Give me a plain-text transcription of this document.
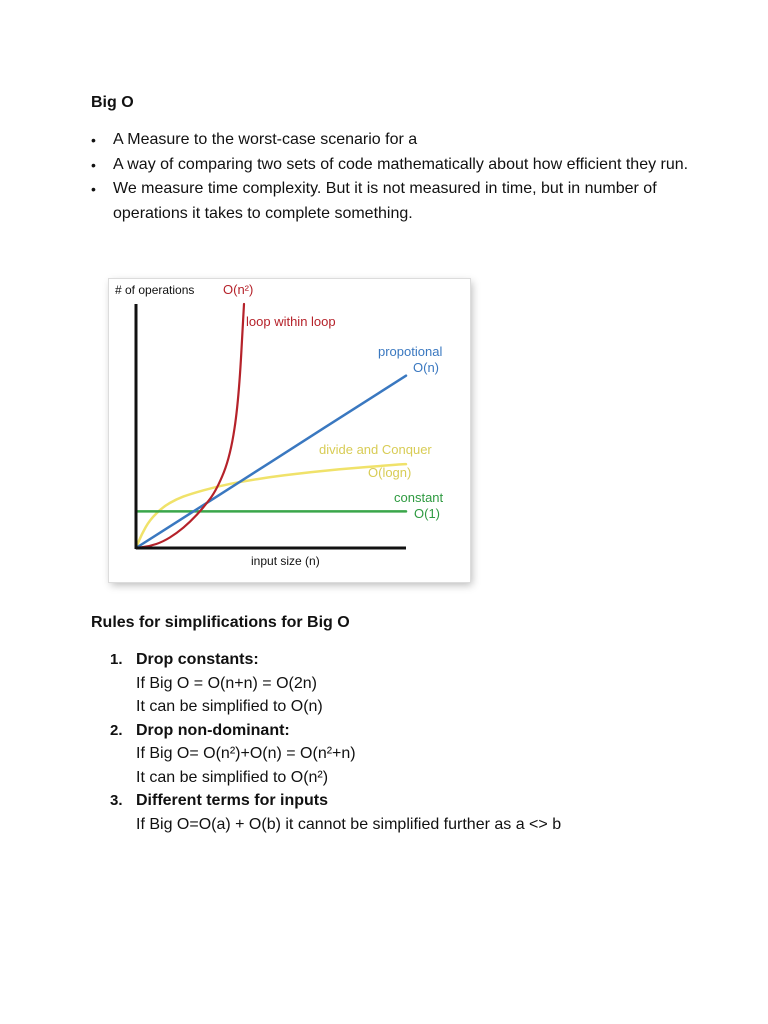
Big O
• A Measure to the worst-case scenario for a
• A way of comparing two sets of code mathematically about how efficient they run.
• We measure time complexity. But it is not measured in time, but in number of operations it takes to complete something.
# of operations
input size (n)
O(n²)
loop within loop
propotional
O(n)
divide and Conquer
O(logn)
constant
O(1)
Rules for simplifications for Big O
1. Drop constants:
If Big O = O(n+n) = O(2n)
It can be simplified to O(n)
2. Drop non-dominant:
If Big O= O(n²)+O(n) = O(n²+n)
It can be simplified to O(n²)
3. Different terms for inputs
If Big O=O(a) + O(b) it cannot be simplified further as a <> b
